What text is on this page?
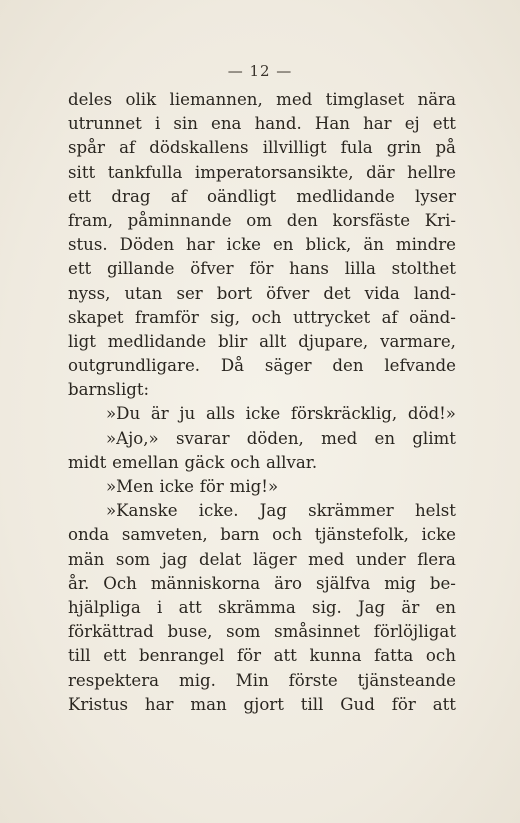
— 12 —
deles olik liemannen, med timglaset nära
utrunnet i sin ena hand. Han har ej ett
spår af dödskallens illvilligt fula grin på
sitt tankfulla imperatorsansikte, där hellre
ett drag af oändligt medlidande lyser
fram, påminnande om den korsfäste Kri-
stus. Döden har icke en blick, än mindre
ett gillande öfver för hans lilla stolthet
nyss, utan ser bort öfver det vida land-
skapet framför sig, och uttrycket af oänd-
ligt medlidande blir allt djupare, varmare,
outgrundligare. Då säger den lefvande
barnsligt:
»Du är ju alls icke förskräcklig, död!»
»Ajo,» svarar döden, med en glimt
midt emellan gäck och allvar.
»Men icke för mig!»
»Kanske icke. Jag skrämmer helst
onda samveten, barn och tjänstefolk, icke
män som jag delat läger med under flera
år. Och människorna äro själfva mig be-
hjälpliga i att skrämma sig. Jag är en
förkättrad buse, som småsinnet förlöjligat
till ett benrangel för att kunna fatta och
respektera mig. Min förste tjänsteande
Kristus har man gjort till Gud för att
